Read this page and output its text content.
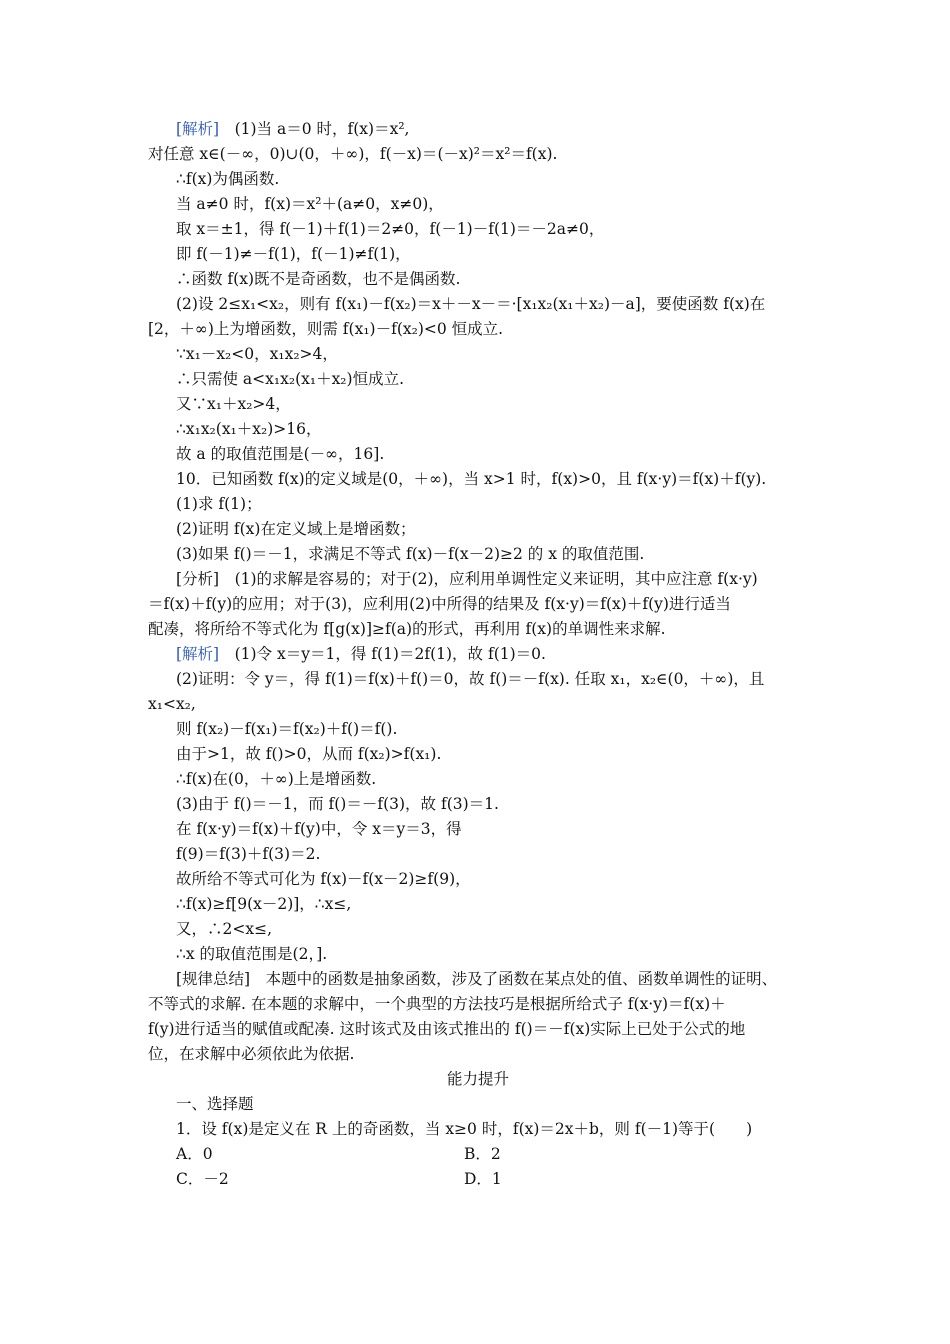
[解析]　(1)当 a＝0 时，f(x)＝x²,
对任意 x∈(－∞，0)∪(0，＋∞)，f(－x)＝(－x)²＝x²＝f(x).
∴f(x)为偶函数.
当 a≠0 时，f(x)＝x²＋(a≠0，x≠0)，
取 x＝±1，得 f(－1)＋f(1)＝2≠0，f(－1)－f(1)＝－2a≠0，
即 f(－1)≠－f(1)，f(－1)≠f(1)，
∴函数 f(x)既不是奇函数，也不是偶函数.
(2)设 2≤x₁<x₂，则有 f(x₁)－f(x₂)＝x＋－x－＝·[x₁x₂(x₁＋x₂)－a]，要使函数 f(x)在
[2，＋∞)上为增函数，则需 f(x₁)－f(x₂)<0 恒成立.
∵x₁－x₂<0，x₁x₂>4，
∴只需使 a<x₁x₂(x₁＋x₂)恒成立.
又∵x₁＋x₂>4，
∴x₁x₂(x₁＋x₂)>16，
故 a 的取值范围是(－∞，16].
10．已知函数 f(x)的定义域是(0，＋∞)，当 x>1 时，f(x)>0，且 f(x·y)＝f(x)＋f(y).
(1)求 f(1)；
(2)证明 f(x)在定义域上是增函数；
(3)如果 f()＝－1，求满足不等式 f(x)－f(x－2)≥2 的 x 的取值范围.
[分析]　(1)的求解是容易的；对于(2)，应利用单调性定义来证明，其中应注意 f(x·y)
＝f(x)＋f(y)的应用；对于(3)，应利用(2)中所得的结果及 f(x·y)＝f(x)＋f(y)进行适当
配凑，将所给不等式化为 f[g(x)]≥f(a)的形式，再利用 f(x)的单调性来求解.
[解析]　(1)令 x＝y＝1，得 f(1)＝2f(1)，故 f(1)＝0.
(2)证明：令 y＝，得 f(1)＝f(x)＋f()＝0，故 f()＝－f(x). 任取 x₁，x₂∈(0，＋∞)，且
x₁<x₂,
则 f(x₂)－f(x₁)＝f(x₂)＋f()＝f().
由于>1，故 f()>0，从而 f(x₂)>f(x₁).
∴f(x)在(0，＋∞)上是增函数.
(3)由于 f()＝－1，而 f()＝－f(3)，故 f(3)＝1.
在 f(x·y)＝f(x)＋f(y)中，令 x＝y＝3，得
f(9)＝f(3)＋f(3)＝2.
故所给不等式可化为 f(x)－f(x－2)≥f(9)，
∴f(x)≥f[9(x－2)]，∴x≤,
又，∴2<x≤,
∴x 的取值范围是(2，].
[规律总结]　本题中的函数是抽象函数，涉及了函数在某点处的值、函数单调性的证明、
不等式的求解. 在本题的求解中，一个典型的方法技巧是根据所给式子 f(x·y)＝f(x)＋
f(y)进行适当的赋值或配凑. 这时该式及由该式推出的 f()＝－f(x)实际上已处于公式的地
位，在求解中必须依此为依据.
能力提升
一、选择题
1．设 f(x)是定义在 R 上的奇函数，当 x≥0 时，f(x)＝2x＋b，则 f(－1)等于(　　)
A．0	B．2
C．－2	D．1
